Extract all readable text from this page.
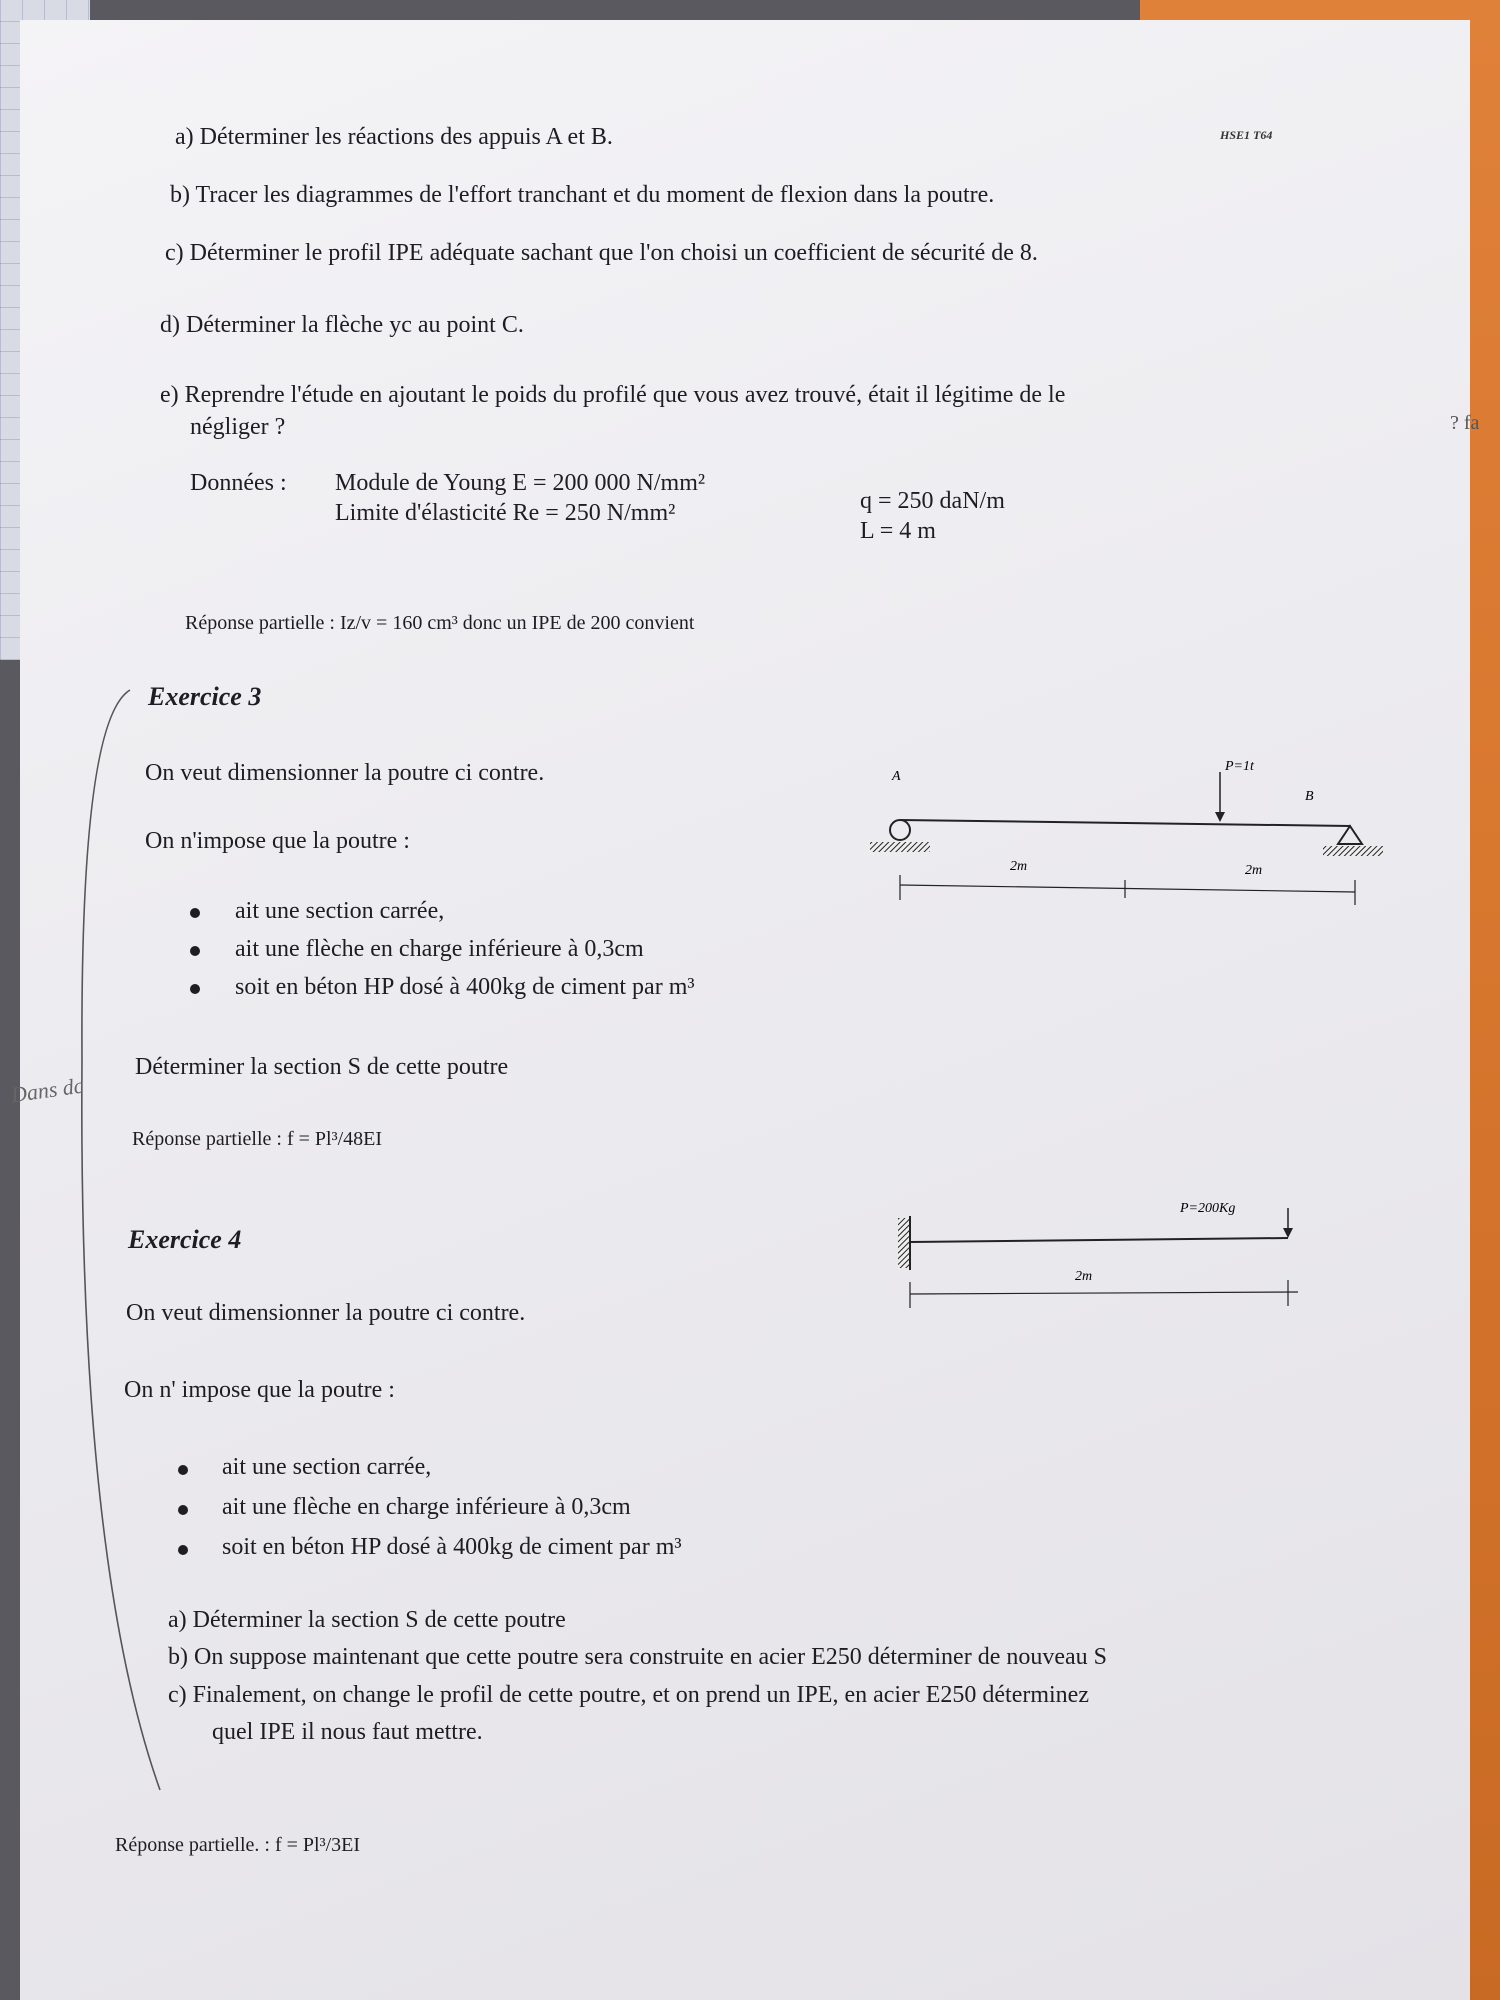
HSE1 T64
a) Déterminer les réactions des appuis A et B.
b) Tracer les diagrammes de l'effort tranchant et du moment de flexion dans la poutre.
c) Déterminer le profil IPE adéquate sachant que l'on choisi un coefficient de sécurité de 8.
d) Déterminer la flèche yc au point C.
e) Reprendre l'étude en ajoutant le poids du profilé que vous avez trouvé, était il légitime de le
négliger ?
Données : Module de Young E = 200 000 N/mm²
Limite d'élasticité Re = 250 N/mm²	q = 250 daN/m
L = 4 m
Réponse partielle : Iz/v = 160 cm³ donc un IPE de 200 convient
Exercice 3
On veut dimensionner la poutre ci contre.
On n'impose que la poutre :
ait une section carrée,
ait une flèche en charge inférieure à 0,3cm
soit en béton HP dosé à 400kg de ciment par m³
Déterminer la section S de cette poutre
Réponse partielle : f = Pl³/48EI
A
P=1t
B
2m	2m
Exercice 4
On veut dimensionner la poutre ci contre.
On n' impose que la poutre :
ait une section carrée,
ait une flèche en charge inférieure à 0,3cm
soit en béton HP dosé à 400kg de ciment par m³
a) Déterminer la section S de cette poutre
b) On suppose maintenant que cette poutre sera construite en acier E250 déterminer de nouveau S
c) Finalement, on change le profil de cette poutre, et on prend un IPE, en acier E250 déterminez
quel IPE il nous faut mettre.
Réponse partielle. : f = Pl³/3EI
P=200Kg
2m
Dans dc
? fa
